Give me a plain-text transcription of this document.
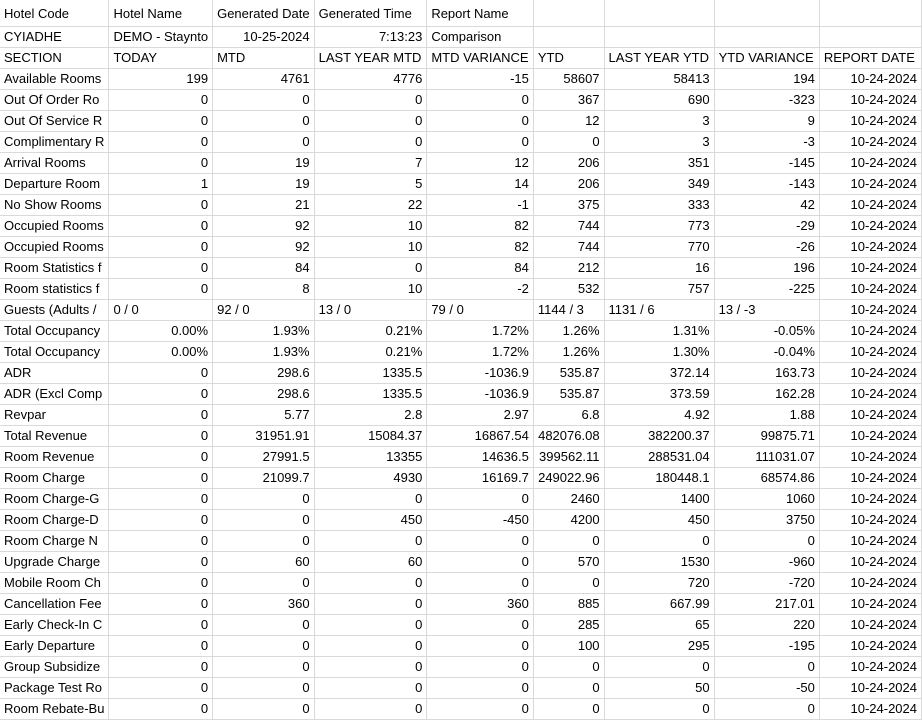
Hotel Code	Hotel Name	Generated Date	Generated Time	Report Name				
CYIADHE	DEMO - Staynto	10-25-2024	7:13:23	Comparison				
SECTION	TODAY	MTD	LAST YEAR MTD	MTD VARIANCE	YTD	LAST YEAR YTD	YTD VARIANCE	REPORT DATE
Available Rooms	199	4761	4776	-15	58607	58413	194	10-24-2024
Out Of Order Ro	0	0	0	0	367	690	-323	10-24-2024
Out Of Service R	0	0	0	0	12	3	9	10-24-2024
Complimentary R	0	0	0	0	0	3	-3	10-24-2024
Arrival Rooms	0	19	7	12	206	351	-145	10-24-2024
Departure Room	1	19	5	14	206	349	-143	10-24-2024
No Show Rooms	0	21	22	-1	375	333	42	10-24-2024
Occupied Rooms	0	92	10	82	744	773	-29	10-24-2024
Occupied Rooms	0	92	10	82	744	770	-26	10-24-2024
Room Statistics f	0	84	0	84	212	16	196	10-24-2024
Room statistics f	0	8	10	-2	532	757	-225	10-24-2024
Guests (Adults /	0 / 0	92 / 0	13 / 0	79 / 0	1144 / 3	1131 / 6	13 / -3	10-24-2024
Total Occupancy	0.00%	1.93%	0.21%	1.72%	1.26%	1.31%	-0.05%	10-24-2024
Total Occupancy	0.00%	1.93%	0.21%	1.72%	1.26%	1.30%	-0.04%	10-24-2024
ADR	0	298.6	1335.5	-1036.9	535.87	372.14	163.73	10-24-2024
ADR (Excl Comp	0	298.6	1335.5	-1036.9	535.87	373.59	162.28	10-24-2024
Revpar	0	5.77	2.8	2.97	6.8	4.92	1.88	10-24-2024
Total Revenue	0	31951.91	15084.37	16867.54	482076.08	382200.37	99875.71	10-24-2024
Room Revenue	0	27991.5	13355	14636.5	399562.11	288531.04	111031.07	10-24-2024
Room Charge	0	21099.7	4930	16169.7	249022.96	180448.1	68574.86	10-24-2024
Room Charge-G	0	0	0	0	2460	1400	1060	10-24-2024
Room Charge-D	0	0	450	-450	4200	450	3750	10-24-2024
Room Charge N	0	0	0	0	0	0	0	10-24-2024
Upgrade Charge	0	60	60	0	570	1530	-960	10-24-2024
Mobile Room Ch	0	0	0	0	0	720	-720	10-24-2024
Cancellation Fee	0	360	0	360	885	667.99	217.01	10-24-2024
Early Check-In C	0	0	0	0	285	65	220	10-24-2024
Early Departure	0	0	0	0	100	295	-195	10-24-2024
Group Subsidize	0	0	0	0	0	0	0	10-24-2024
Package Test Ro	0	0	0	0	0	50	-50	10-24-2024
Room Rebate-Bu	0	0	0	0	0	0	0	10-24-2024
